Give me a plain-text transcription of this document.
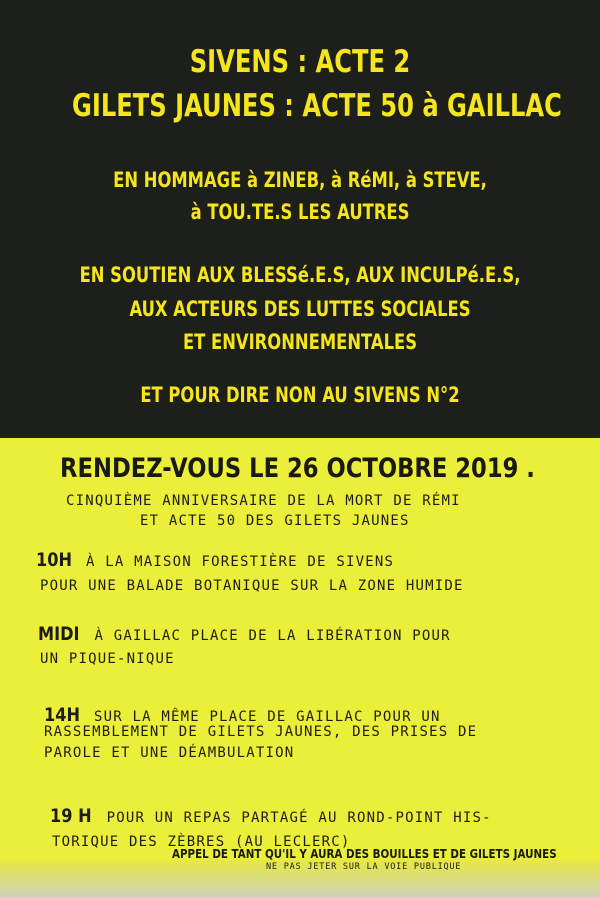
SIVENS : ACTE 2
GILETS JAUNES : ACTE 50 à GAILLAC
EN HOMMAGE à ZINEB, à RéMI, à STEVE,
à TOU.TE.S LES AUTRES
EN SOUTIEN AUX BLESSé.E.S, AUX INCULPé.E.S,
AUX ACTEURS DES LUTTES SOCIALES
ET ENVIRONNEMENTALES
ET POUR DIRE NON AU SIVENS N°2
RENDEZ-VOUS LE 26 OCTOBRE 2019 .
CINQUIÈME ANNIVERSAIRE DE LA MORT DE RÉMI
ET ACTE 50 DES GILETS JAUNES
10H À LA MAISON FORESTIÈRE DE SIVENS
POUR UNE BALADE BOTANIQUE SUR LA ZONE HUMIDE
MIDI À GAILLAC PLACE DE LA LIBÉRATION POUR
UN PIQUE-NIQUE
14H SUR LA MÊME PLACE DE GAILLAC POUR UN
RASSEMBLEMENT DE GILETS JAUNES, DES PRISES DE
PAROLE ET UNE DÉAMBULATION
19 H POUR UN REPAS PARTAGÉ AU ROND-POINT HIS-
TORIQUE DES ZÈBRES (AU LECLERC)
APPEL DE TANT QU'IL Y AURA DES BOUILLES ET DE GILETS JAUNES
NE PAS JETER SUR LA VOIE PUBLIQUE
